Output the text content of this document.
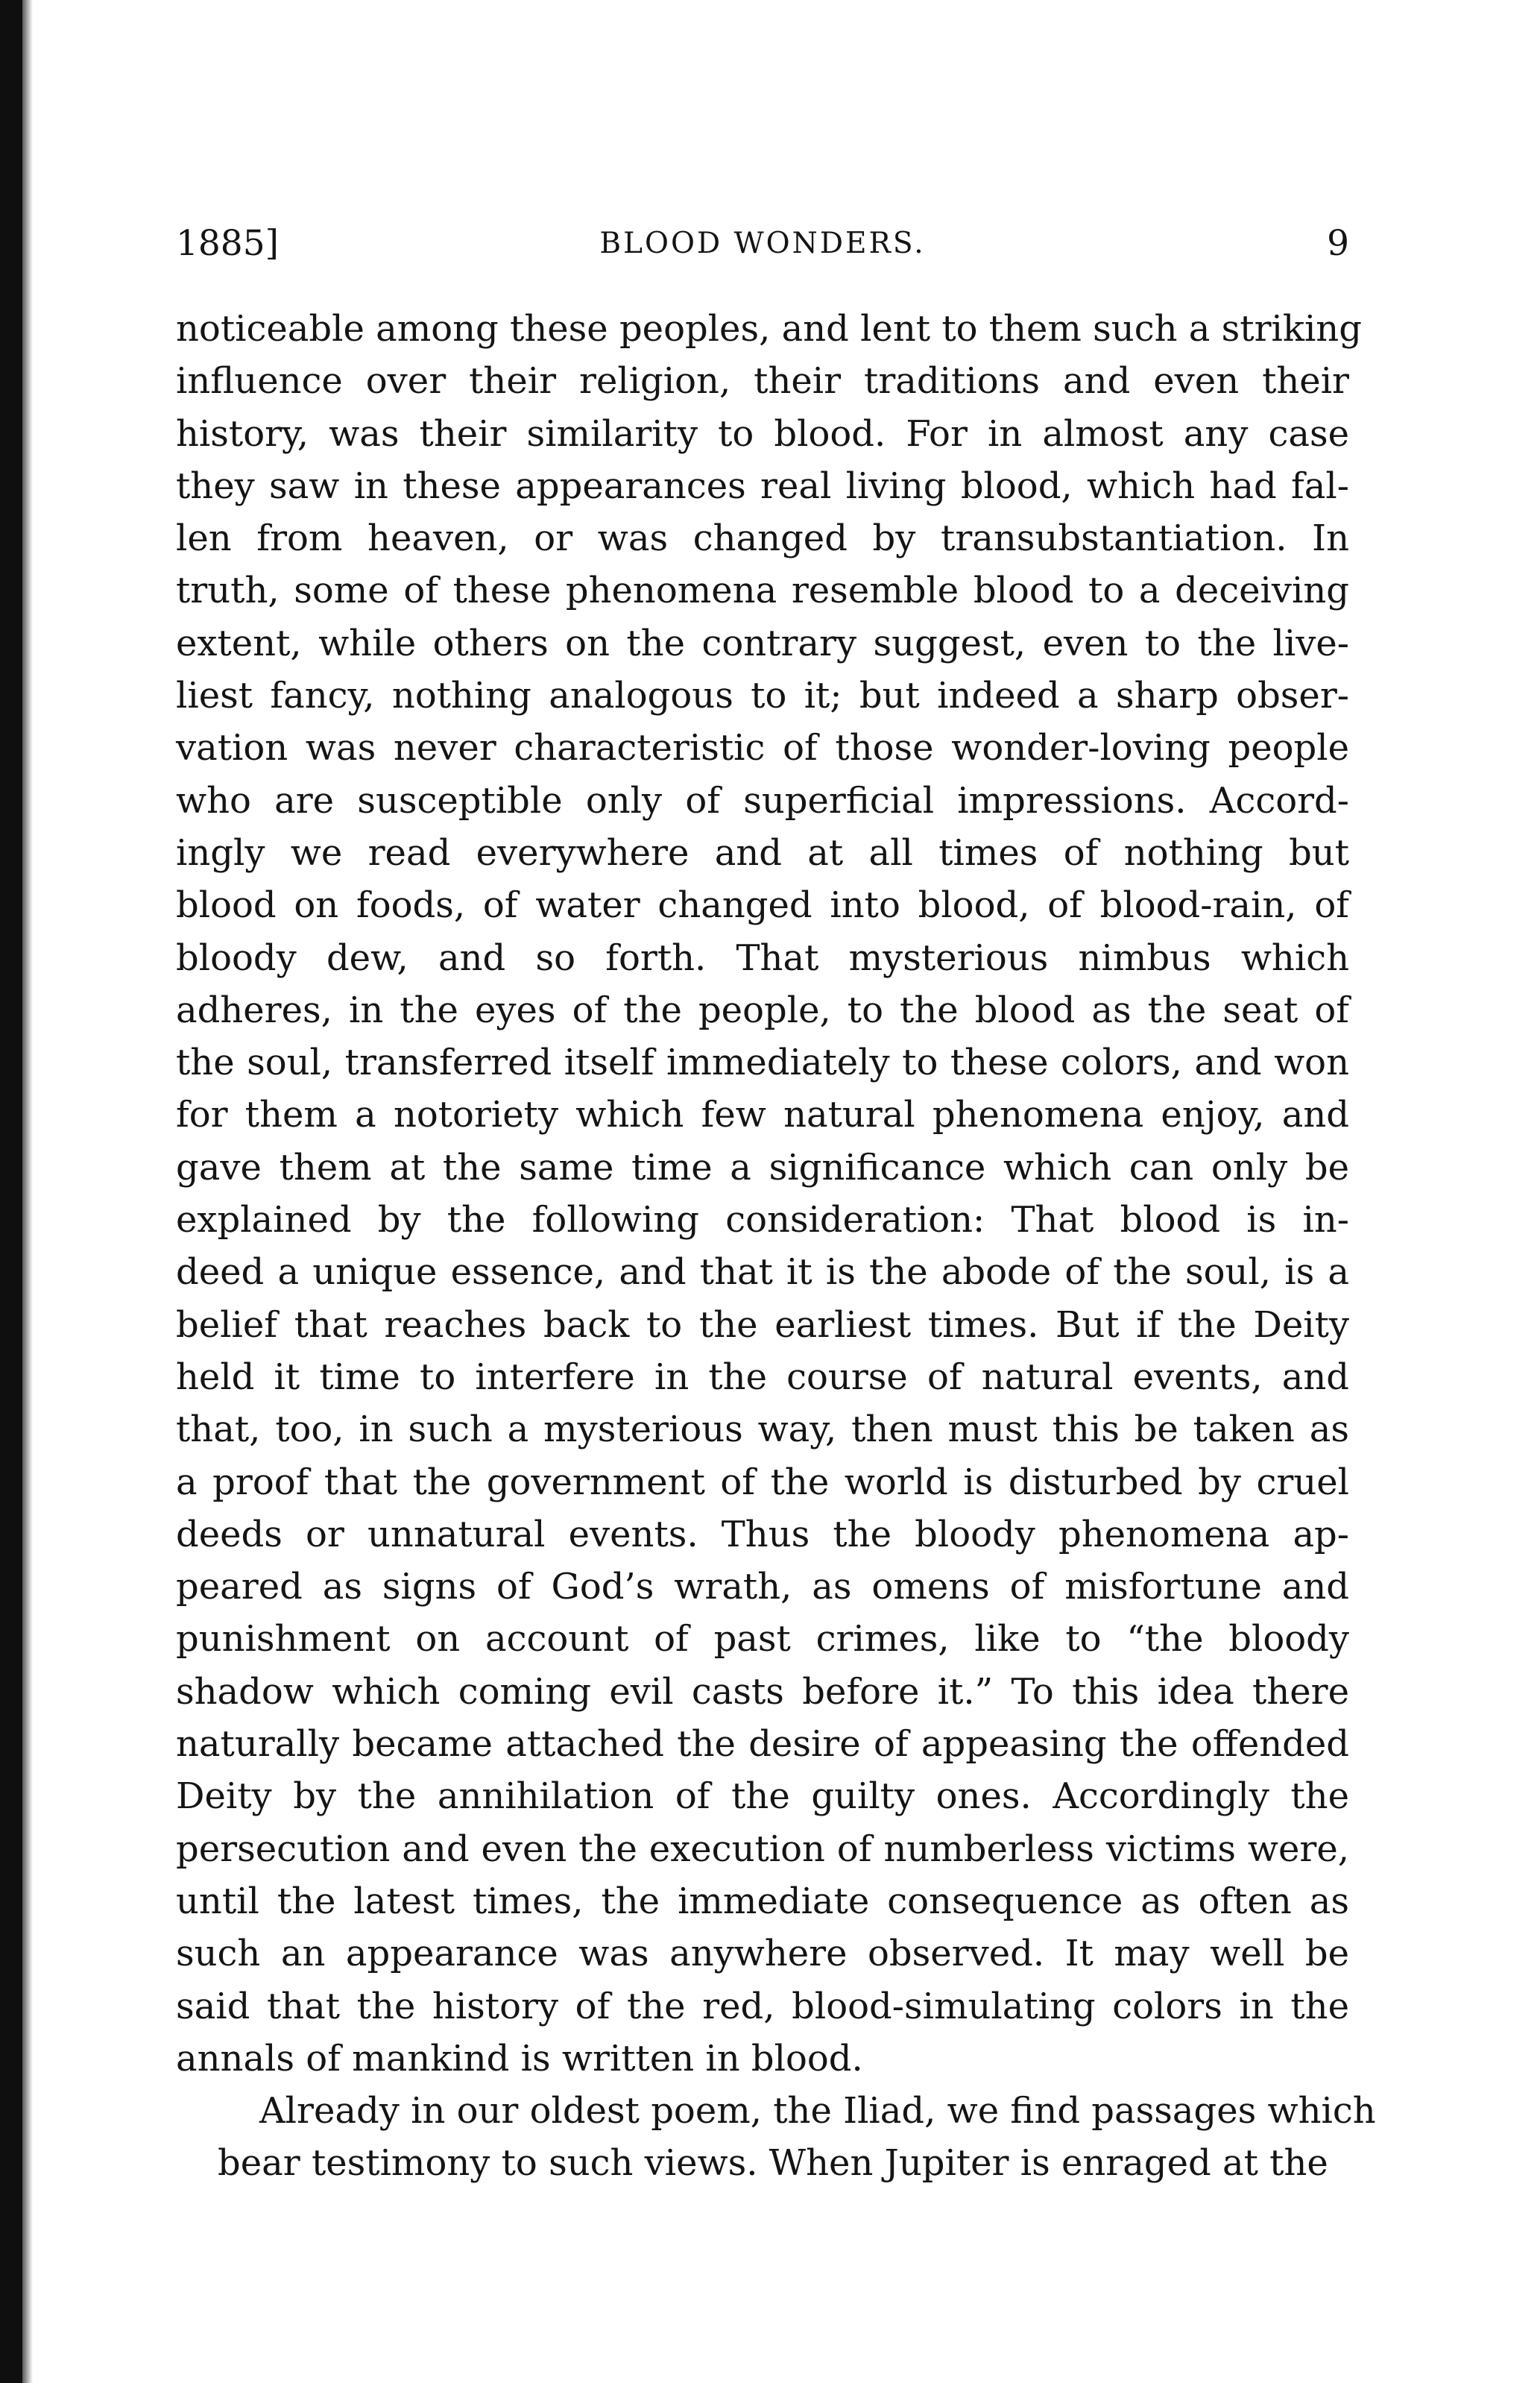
1885]	BLOOD WONDERS.	9

noticeable among these peoples, and lent to them such a striking
influence over their religion, their traditions and even their
history, was their similarity to blood. For in almost any case
they saw in these appearances real living blood, which had fal-
len from heaven, or was changed by transubstantiation. In
truth, some of these phenomena resemble blood to a deceiving
extent, while others on the contrary suggest, even to the live-
liest fancy, nothing analogous to it; but indeed a sharp obser-
vation was never characteristic of those wonder-loving people
who are susceptible only of superficial impressions. Accord-
ingly we read everywhere and at all times of nothing but
blood on foods, of water changed into blood, of blood-rain, of
bloody dew, and so forth. That mysterious nimbus which
adheres, in the eyes of the people, to the blood as the seat of
the soul, transferred itself immediately to these colors, and won
for them a notoriety which few natural phenomena enjoy, and
gave them at the same time a significance which can only be
explained by the following consideration: That blood is in-
deed a unique essence, and that it is the abode of the soul, is a
belief that reaches back to the earliest times. But if the Deity
held it time to interfere in the course of natural events, and
that, too, in such a mysterious way, then must this be taken as
a proof that the government of the world is disturbed by cruel
deeds or unnatural events. Thus the bloody phenomena ap-
peared as signs of God’s wrath, as omens of misfortune and
punishment on account of past crimes, like to “the bloody
shadow which coming evil casts before it.” To this idea there
naturally became attached the desire of appeasing the offended
Deity by the annihilation of the guilty ones. Accordingly the
persecution and even the execution of numberless victims were,
until the latest times, the immediate consequence as often as
such an appearance was anywhere observed. It may well be
said that the history of the red, blood-simulating colors in the
annals of mankind is written in blood.

Already in our oldest poem, the Iliad, we find passages which
bear testimony to such views. When Jupiter is enraged at the
